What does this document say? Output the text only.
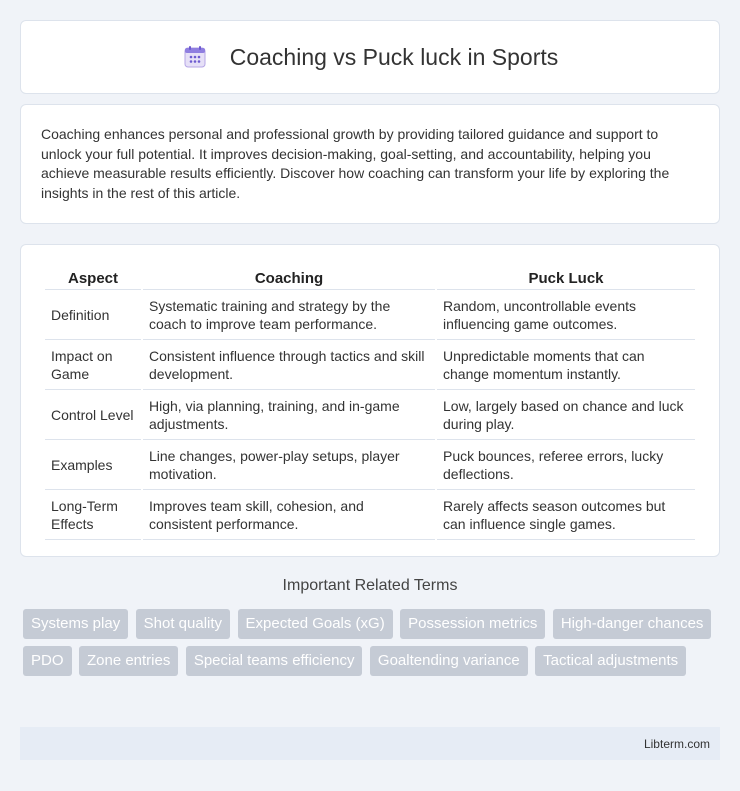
Coaching vs Puck luck in Sports

Coaching enhances personal and professional growth by providing tailored guidance and support to unlock your full potential. It improves decision-making, goal-setting, and accountability, helping you achieve measurable results efficiently. Discover how coaching can transform your life by exploring the insights in the rest of this article.

Aspect	Coaching	Puck Luck
Definition	Systematic training and strategy by the coach to improve team performance.	Random, uncontrollable events influencing game outcomes.
Impact on Game	Consistent influence through tactics and skill development.	Unpredictable moments that can change momentum instantly.
Control Level	High, via planning, training, and in-game adjustments.	Low, largely based on chance and luck during play.
Examples	Line changes, power-play setups, player motivation.	Puck bounces, referee errors, lucky deflections.
Long-Term Effects	Improves team skill, cohesion, and consistent performance.	Rarely affects season outcomes but can influence single games.
Important Related Terms
Systems play Shot quality Expected Goals (xG) Possession metrics High-danger chances PDO Zone entries Special teams efficiency Goaltending variance Tactical adjustments
Libterm.com
